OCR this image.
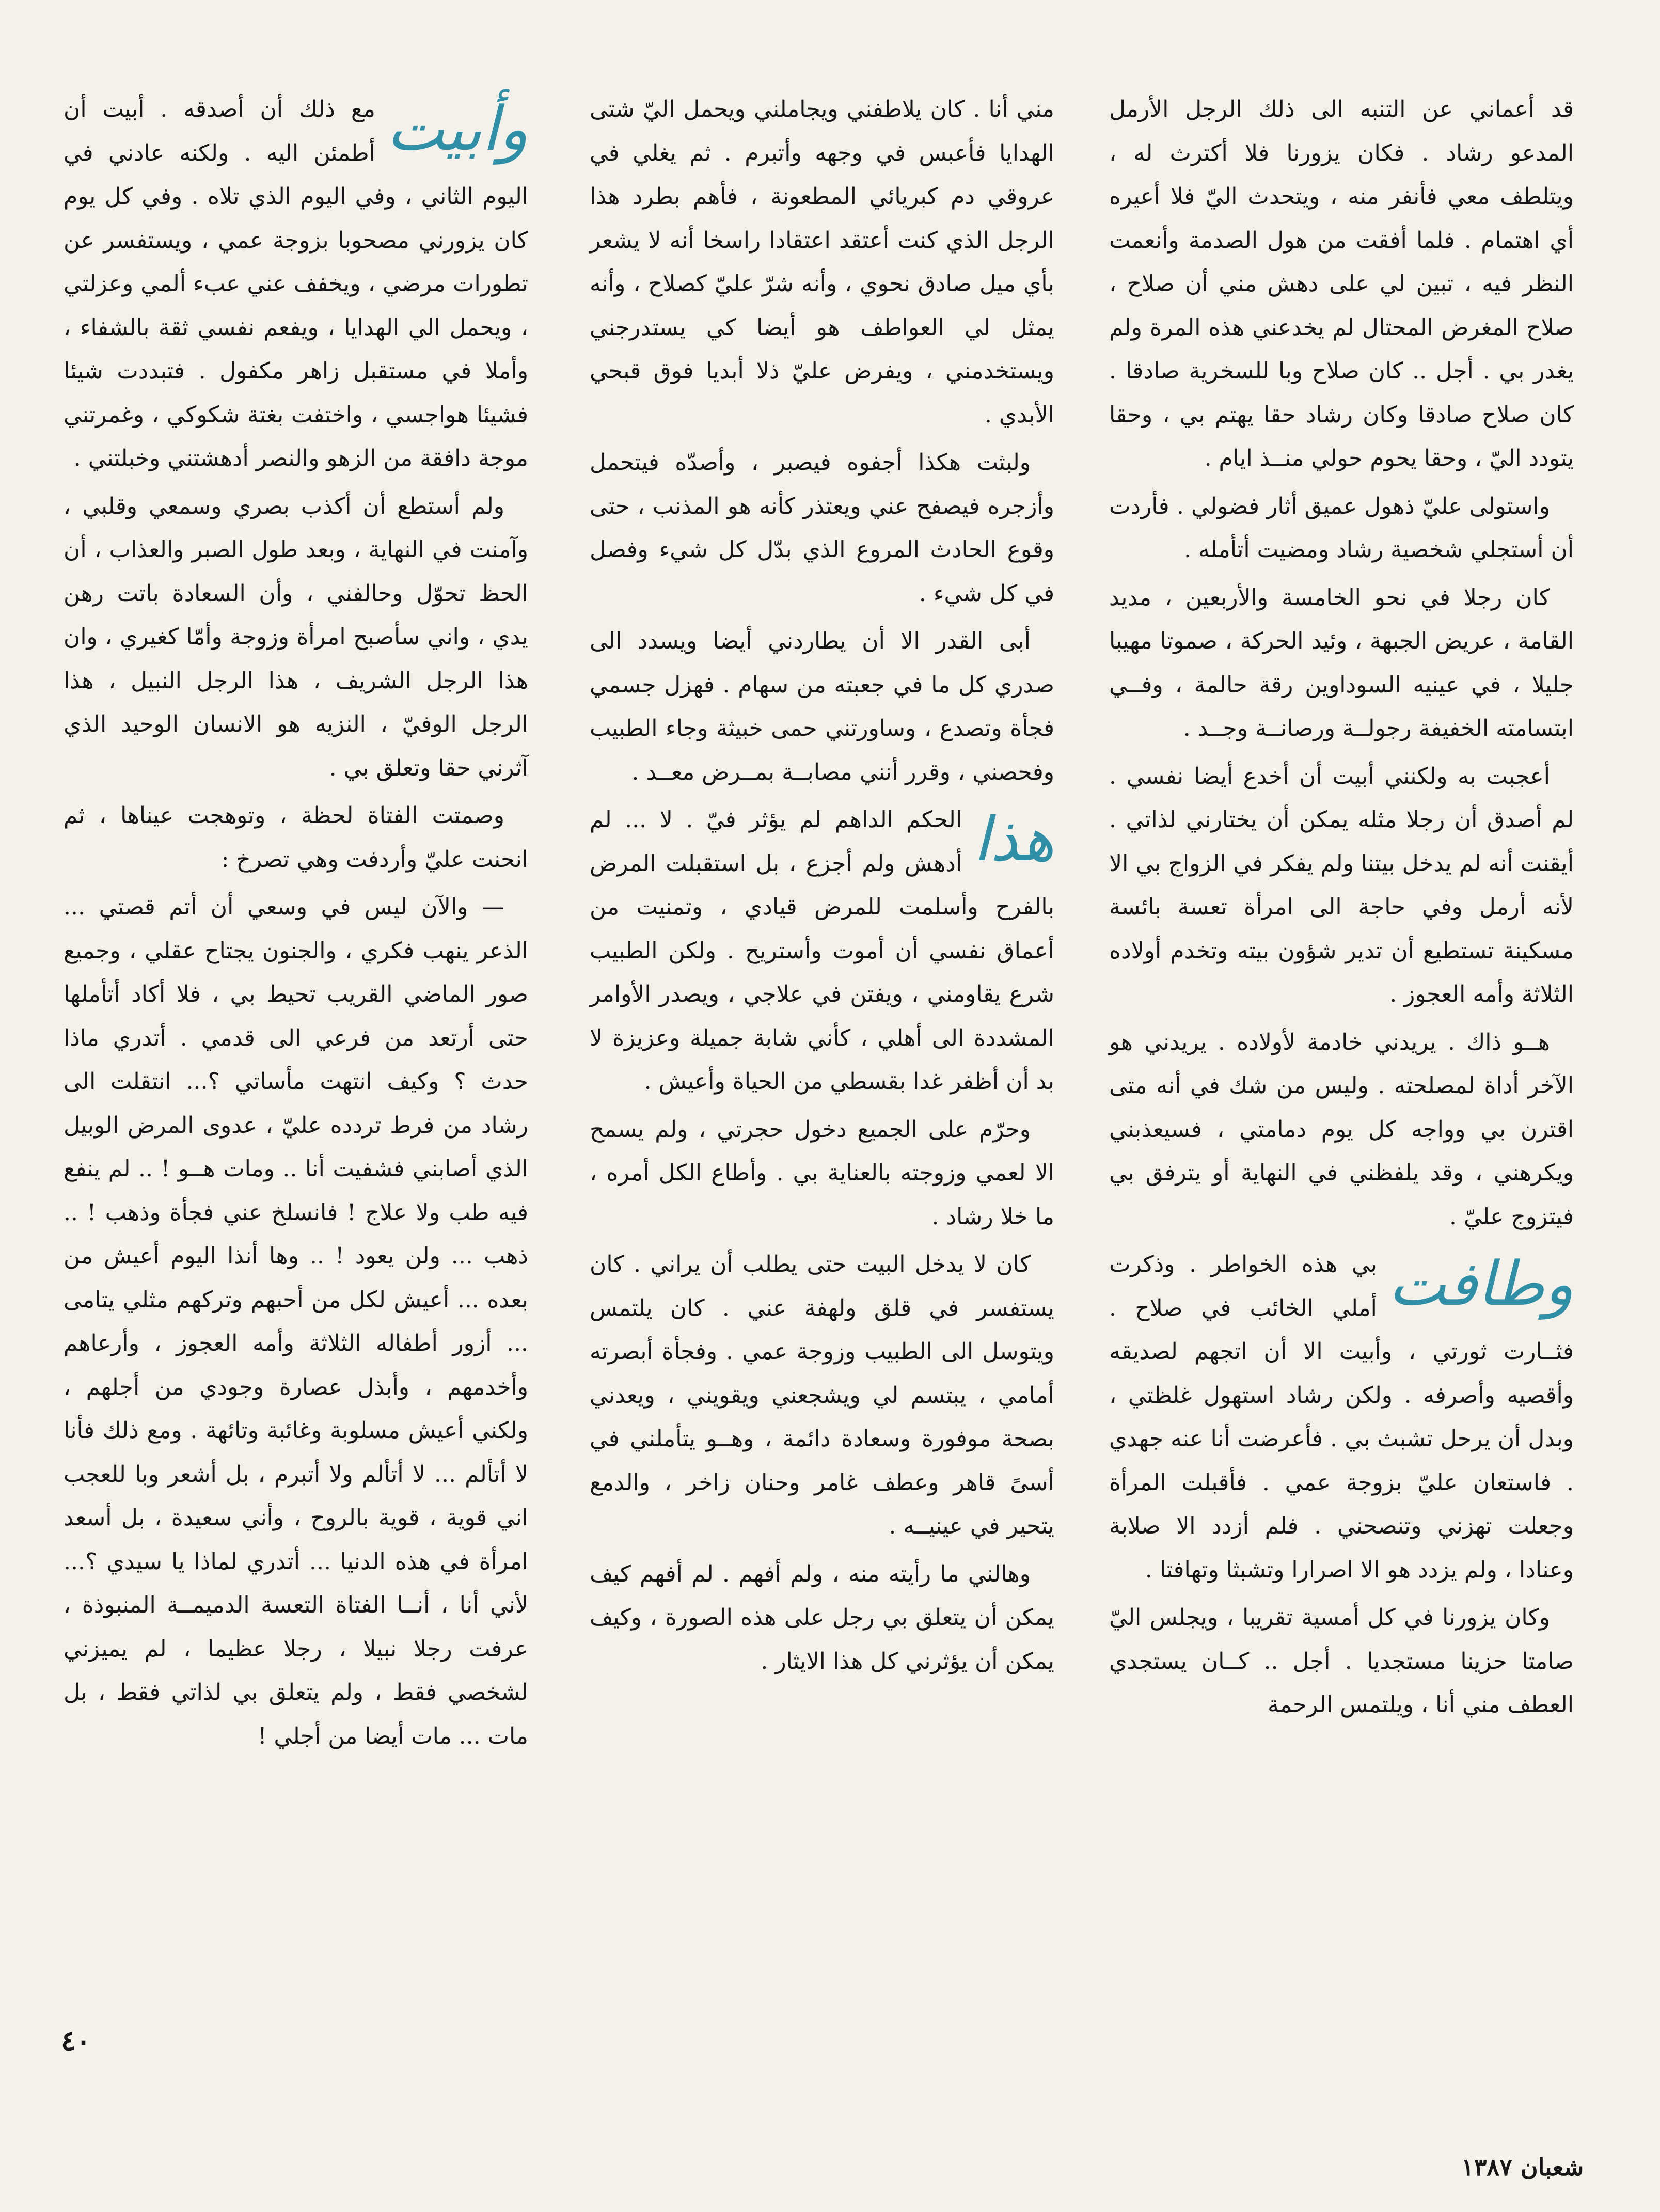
قد أعماني عن التنبه الى ذلك الرجل الأرمل المدعو رشاد . فكان يزورنا فلا أكترث له ، ويتلطف معي فأنفر منه ، ويتحدث اليّ فلا أعيره أي اهتمام . فلما أفقت من هول الصدمة وأنعمت النظر فيه ، تبين لي على دهش مني أن صلاح ، صلاح المغرض المحتال لم يخدعني هذه المرة ولم يغدر بي . أجل .. كان صلاح وبا للسخرية صادقا . كان صلاح صادقا وكان رشاد حقا يهتم بي ، وحقا يتودد اليّ ، وحقا يحوم حولي منــذ ايام .

واستولى عليّ ذهول عميق أثار فضولي . فأردت أن أستجلي شخصية رشاد ومضيت أتأمله .

كان رجلا في نحو الخامسة والأربعين ، مديد القامة ، عريض الجبهة ، وئيد الحركة ، صموتا مهيبا جليلا ، في عينيه السوداوين رقة حالمة ، وفــي ابتسامته الخفيفة رجولــة ورصانــة وجــد .

أعجبت به ولكنني أبيت أن أخدع أيضا نفسي . لم أصدق أن رجلا مثله يمكن أن يختارني لذاتي . أيقنت أنه لم يدخل بيتنا ولم يفكر في الزواج بي الا لأنه أرمل وفي حاجة الى امرأة تعسة بائسة مسكينة تستطيع أن تدير شؤون بيته وتخدم أولاده الثلاثة وأمه العجوز .

هــو ذاك . يريدني خادمة لأولاده . يريدني هو الآخر أداة لمصلحته . وليس من شك في أنه متى اقترن بي وواجه كل يوم دمامتي ، فسيعذبني ويكرهني ، وقد يلفظني في النهاية أو يترفق بي فيتزوج عليّ .

وطافت
بي هذه الخواطر . وذكرت أملي الخائب في صلاح . فثــارت ثورتي ، وأبيت الا أن اتجهم لصديقه وأقصيه وأصرفه . ولكن رشاد استهول غلظتي ، وبدل أن يرحل تشبث بي . فأعرضت أنا عنه جهدي . فاستعان عليّ بزوجة عمي . فأقبلت المرأة وجعلت تهزني وتنصحني . فلم أزدد الا صلابة وعنادا ، ولم يزدد هو الا اصرارا وتشبثا وتهافتا .

وكان يزورنا في كل أمسية تقريبا ، ويجلس اليّ صامتا حزينا مستجديا . أجل .. كــان يستجدي العطف مني أنا ، ويلتمس الرحمة

مني أنا . كان يلاطفني ويجاملني ويحمل اليّ شتى الهدايا فأعبس في وجهه وأتبرم . ثم يغلي في عروقي دم كبريائي المطعونة ، فأهم بطرد هذا الرجل الذي كنت أعتقد اعتقادا راسخا أنه لا يشعر بأي ميل صادق نحوي ، وأنه شرّ عليّ كصلاح ، وأنه يمثل لي العواطف هو أيضا كي يستدرجني ويستخدمني ، ويفرض عليّ ذلا أبديا فوق قبحي الأبدي .

ولبثت هكذا أجفوه فيصبر ، وأصدّه فيتحمل وأزجره فيصفح عني ويعتذر كأنه هو المذنب ، حتى وقوع الحادث المروع الذي بدّل كل شيء وفصل في كل شيء .

أبى القدر الا أن يطاردني أيضا ويسدد الى صدري كل ما في جعبته من سهام . فهزل جسمي فجأة وتصدع ، وساورتني حمى خبيثة وجاء الطبيب وفحصني ، وقرر أنني مصابــة بمــرض معــد .

هذا
الحكم الداهم لم يؤثر فيّ . لا ... لم أدهش ولم أجزع ، بل استقبلت المرض بالفرح وأسلمت للمرض قيادي ، وتمنيت من أعماق نفسي أن أموت وأستريح . ولكن الطبيب شرع يقاومني ، ويفتن في علاجي ، ويصدر الأوامر المشددة الى أهلي ، كأني شابة جميلة وعزيزة لا بد أن أظفر غدا بقسطي من الحياة وأعيش .

وحرّم على الجميع دخول حجرتي ، ولم يسمح الا لعمي وزوجته بالعناية بي . وأطاع الكل أمره ، ما خلا رشاد .

كان لا يدخل البيت حتى يطلب أن يراني . كان يستفسر في قلق ولهفة عني . كان يلتمس ويتوسل الى الطبيب وزوجة عمي . وفجأة أبصرته أمامي ، يبتسم لي ويشجعني ويقويني ، ويعدني بصحة موفورة وسعادة دائمة ، وهــو يتأملني في أسىً قاهر وعطف غامر وحنان زاخر ، والدمع يتحير في عينيــه .

وهالني ما رأيته منه ، ولم أفهم . لم أفهم كيف يمكن أن يتعلق بي رجل على هذه الصورة ، وكيف يمكن أن يؤثرني كل هذا الايثار .

وأبيت
مع ذلك أن أصدقه . أبيت أن أطمئن اليه . ولكنه عادني في اليوم الثاني ، وفي اليوم الذي تلاه . وفي كل يوم كان يزورني مصحوبا بزوجة عمي ، ويستفسر عن تطورات مرضي ، ويخفف عني عبء ألمي وعزلتي ، ويحمل الي الهدايا ، ويفعم نفسي ثقة بالشفاء ، وأملا في مستقبل زاهر مكفول . فتبددت شيئا فشيئا هواجسي ، واختفت بغتة شكوكي ، وغمرتني موجة دافقة من الزهو والنصر أدهشتني وخبلتني .

ولم أستطع أن أكذب بصري وسمعي وقلبي ، وآمنت في النهاية ، وبعد طول الصبر والعذاب ، أن الحظ تحوّل وحالفني ، وأن السعادة باتت رهن يدي ، واني سأصبح امرأة وزوجة وأمّا كغيري ، وان هذا الرجل الشريف ، هذا الرجل النبيل ، هذا الرجل الوفيّ ، النزيه هو الانسان الوحيد الذي آثرني حقا وتعلق بي .

وصمتت الفتاة لحظة ، وتوهجت عيناها ، ثم انحنت عليّ وأردفت وهي تصرخ :

— والآن ليس في وسعي أن أتم قصتي ... الذعر ينهب فكري ، والجنون يجتاح عقلي ، وجميع صور الماضي القريب تحيط بي ، فلا أكاد أتأملها حتى أرتعد من فرعي الى قدمي . أتدري ماذا حدث ؟ وكيف انتهت مأساتي ؟... انتقلت الى رشاد من فرط تردده عليّ ، عدوى المرض الوبيل الذي أصابني فشفيت أنا .. ومات هــو ! .. لم ينفع فيه طب ولا علاج ! فانسلخ عني فجأة وذهب ! .. ذهب ... ولن يعود ! .. وها أنذا اليوم أعيش من بعده ... أعيش لكل من أحبهم وتركهم مثلي يتامى ... أزور أطفاله الثلاثة وأمه العجوز ، وأرعاهم وأخدمهم ، وأبذل عصارة وجودي من أجلهم ، ولكني أعيش مسلوبة وغائبة وتائهة . ومع ذلك فأنا لا أتألم ... لا أتألم ولا أتبرم ، بل أشعر وبا للعجب اني قوية ، قوية بالروح ، وأني سعيدة ، بل أسعد امرأة في هذه الدنيا ... أتدري لماذا يا سيدي ؟... لأني أنا ، أنــا الفتاة التعسة الدميمــة المنبوذة ، عرفت رجلا نبيلا ، رجلا عظيما ، لم يميزني لشخصي فقط ، ولم يتعلق بي لذاتي فقط ، بل مات ... مات أيضا من أجلي !

٤٠
شعبان ١٣٨٧
